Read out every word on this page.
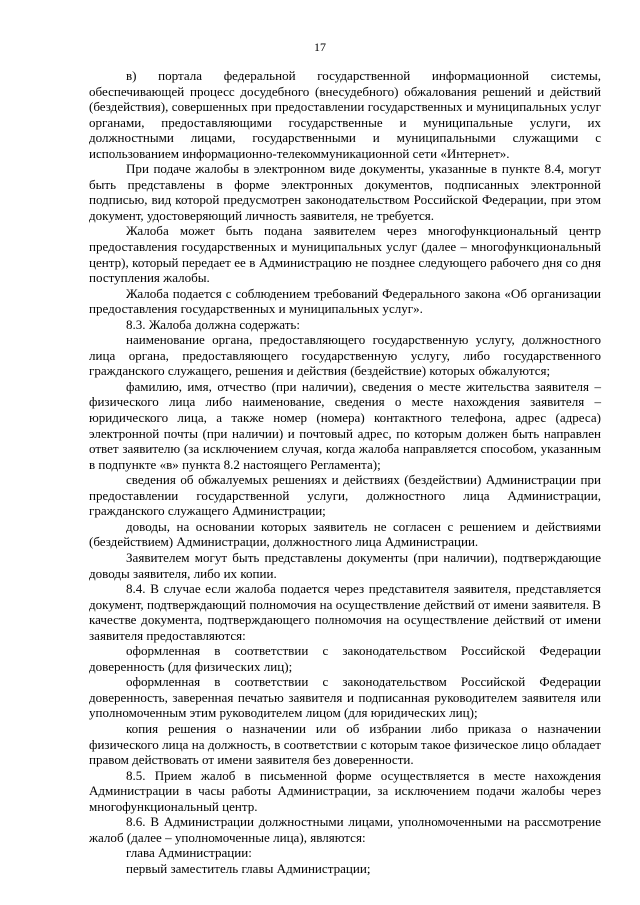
17

в) портала федеральной государственной информационной системы, обеспечивающей процесс досудебного (внесудебного) обжалования решений и действий (бездействия), совершенных при предоставлении государственных и муниципальных услуг органами, предоставляющими государственные и муниципальные услуги, их должностными лицами, государственными и муниципальными служащими с использованием информационно-телекоммуникационной сети «Интернет».

При подаче жалобы в электронном виде документы, указанные в пункте 8.4, могут быть представлены в форме электронных документов, подписанных электронной подписью, вид которой предусмотрен законодательством Российской Федерации, при этом документ, удостоверяющий личность заявителя, не требуется.

Жалоба может быть подана заявителем через многофункциональный центр предоставления государственных и муниципальных услуг (далее – многофункциональный центр), который передает ее в Администрацию не позднее следующего рабочего дня со дня поступления жалобы.

Жалоба подается с соблюдением требований Федерального закона «Об организации предоставления государственных и муниципальных услуг».

8.3. Жалоба должна содержать:

наименование органа, предоставляющего государственную услугу, должностного лица органа, предоставляющего государственную услугу, либо государственного гражданского служащего, решения и действия (бездействие) которых обжалуются;

фамилию, имя, отчество (при наличии), сведения о месте жительства заявителя – физического лица либо наименование, сведения о месте нахождения заявителя – юридического лица, а также номер (номера) контактного телефона, адрес (адреса) электронной почты (при наличии) и почтовый адрес, по которым должен быть направлен ответ заявителю (за исключением случая, когда жалоба направляется способом, указанным в подпункте «в» пункта 8.2 настоящего Регламента);

сведения об обжалуемых решениях и действиях (бездействии) Администрации при предоставлении государственной услуги, должностного лица Администрации, гражданского служащего Администрации;

доводы, на основании которых заявитель не согласен с решением и действиями (бездействием) Администрации, должностного лица Администрации.

Заявителем могут быть представлены документы (при наличии), подтверждающие доводы заявителя, либо их копии.

8.4. В случае если жалоба подается через представителя заявителя, представляется документ, подтверждающий полномочия на осуществление действий от имени заявителя. В качестве документа, подтверждающего полномочия на осуществление действий от имени заявителя предоставляются:

оформленная в соответствии с законодательством Российской Федерации доверенность (для физических лиц);

оформленная в соответствии с законодательством Российской Федерации доверенность, заверенная печатью заявителя и подписанная руководителем заявителя или уполномоченным этим руководителем лицом (для юридических лиц);

копия решения о назначении или об избрании либо приказа о назначении физического лица на должность, в соответствии с которым такое физическое лицо обладает правом действовать от имени заявителя без доверенности.

8.5. Прием жалоб в письменной форме осуществляется в месте нахождения Администрации в часы работы Администрации, за исключением подачи жалобы через многофункциональный центр.

8.6. В Администрации должностными лицами, уполномоченными на рассмотрение жалоб (далее – уполномоченные лица), являются:

глава Администрации:

первый заместитель главы Администрации;
